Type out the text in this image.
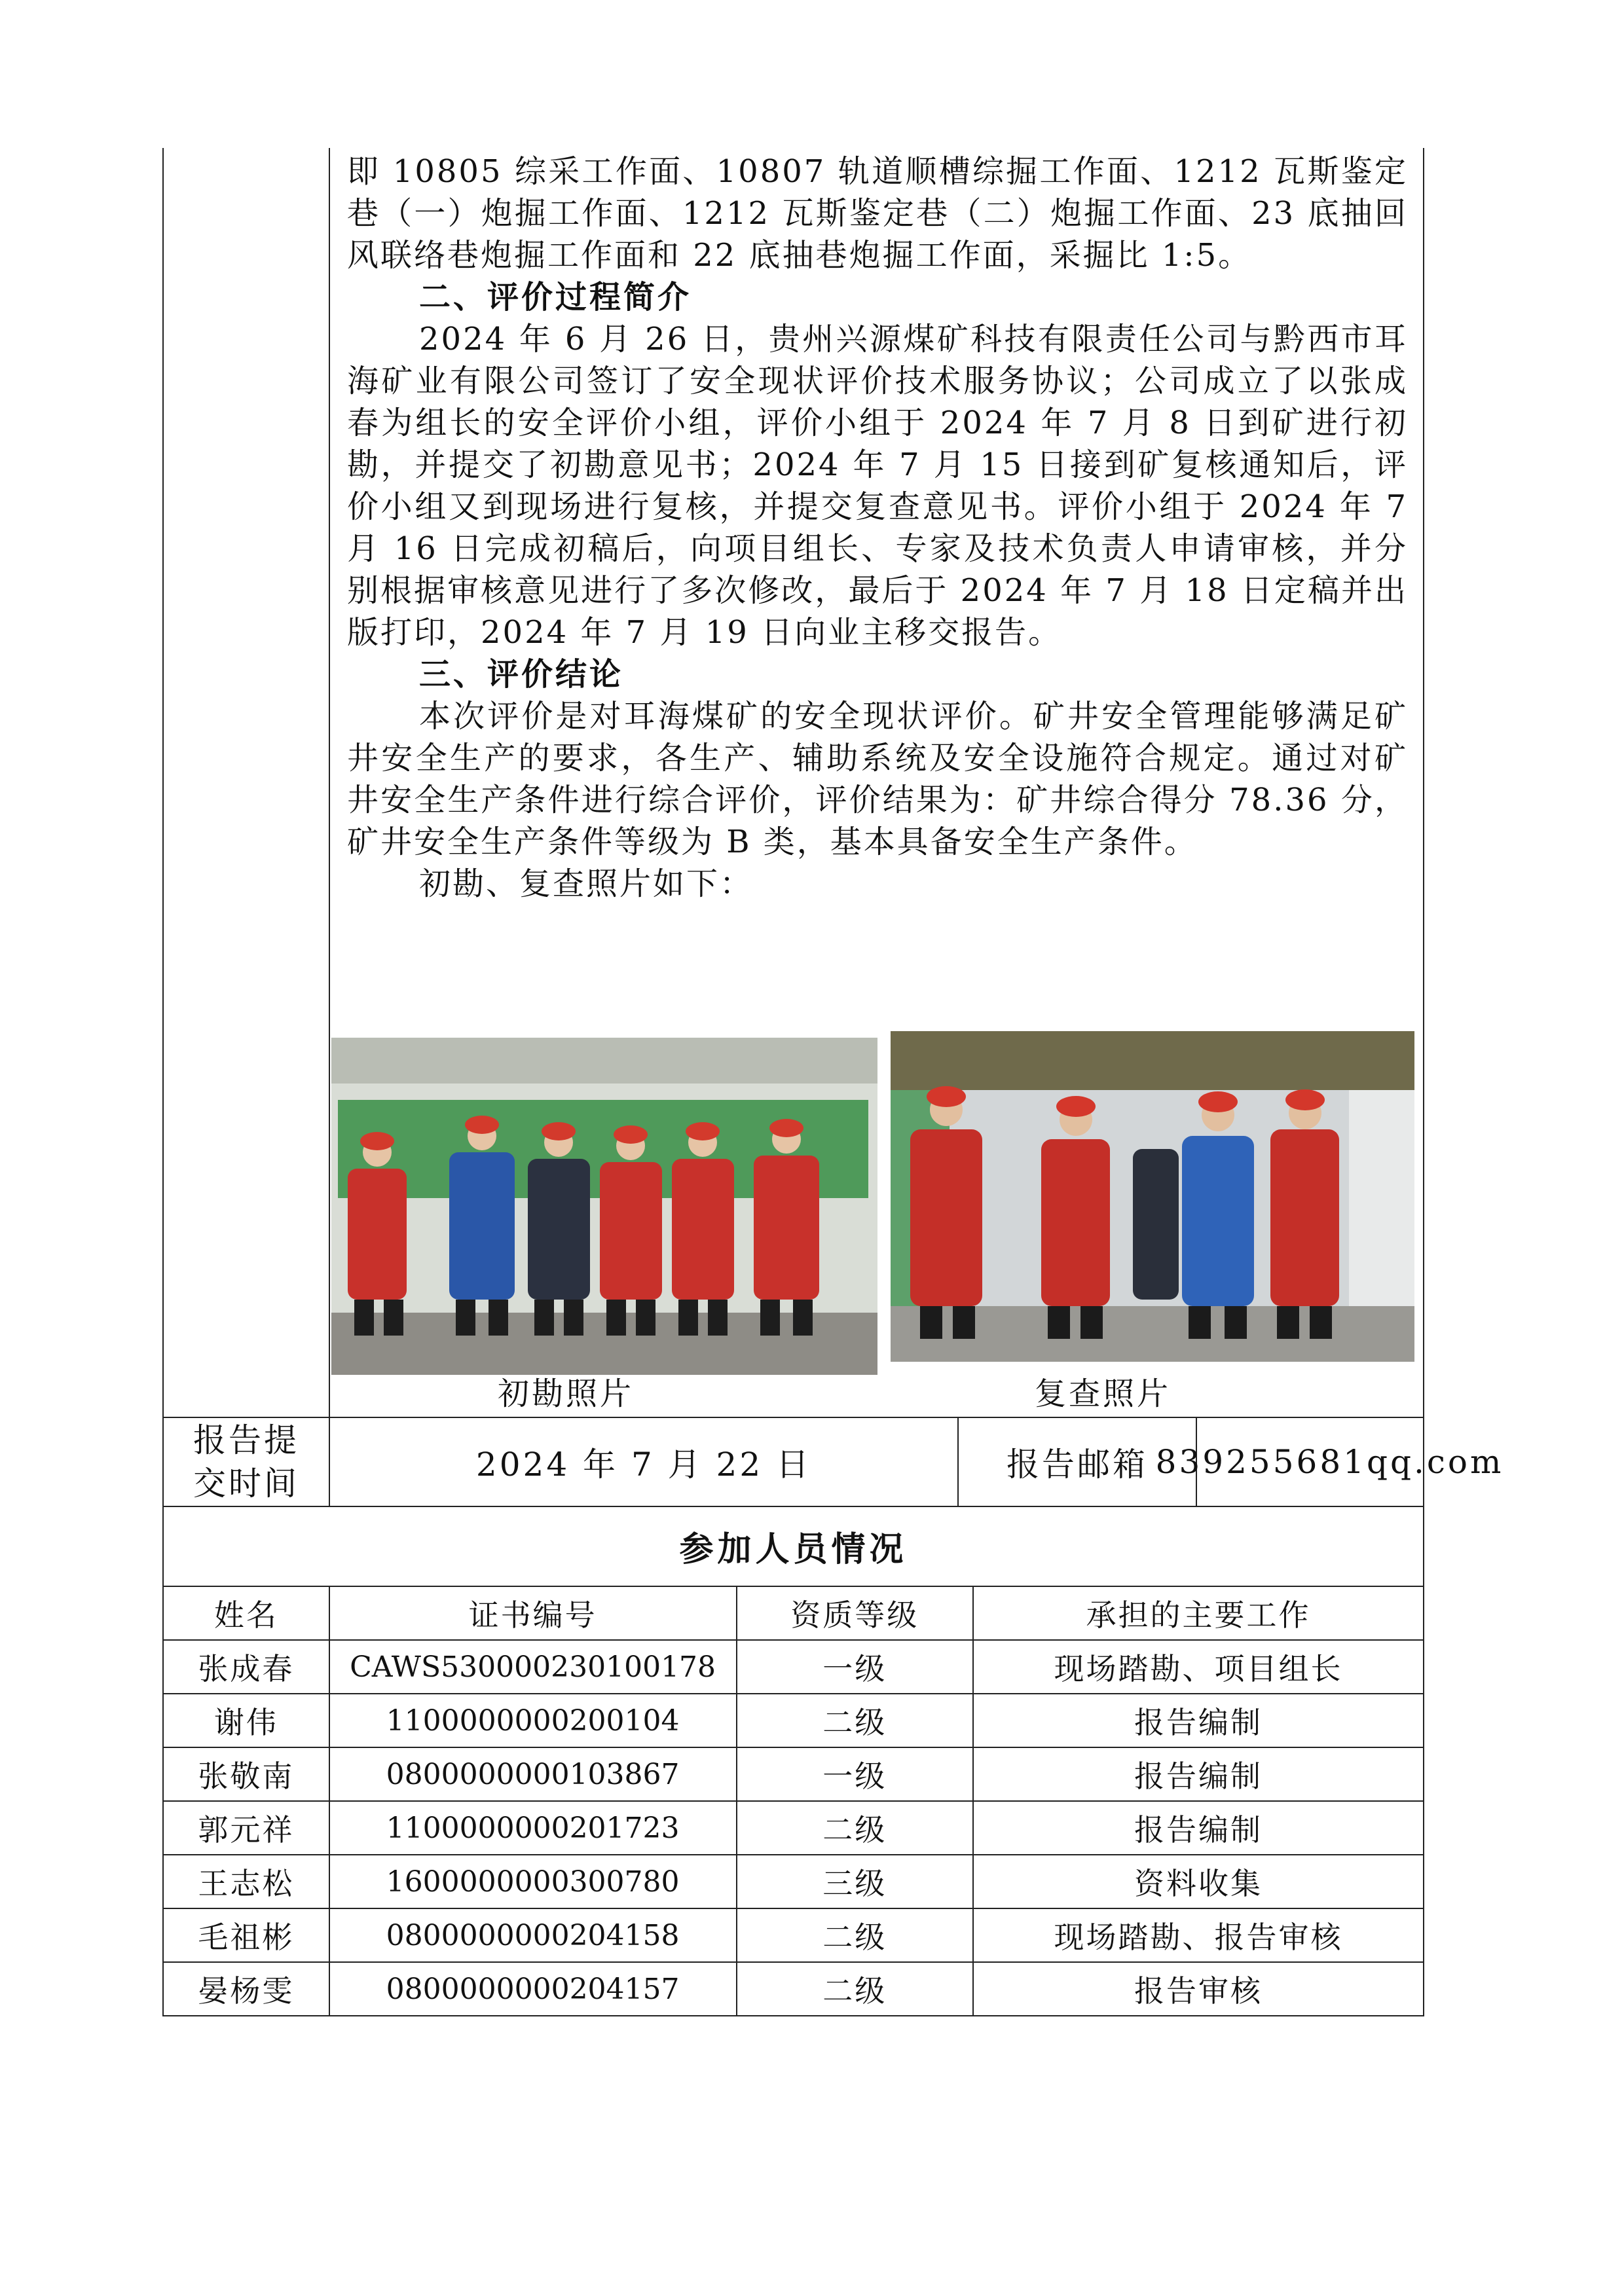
即 10805 综采工作面、10807 轨道顺槽综掘工作面、1212 瓦斯鉴定巷（一）炮掘工作面、1212 瓦斯鉴定巷（二）炮掘工作面、23 底抽回风联络巷炮掘工作面和 22 底抽巷炮掘工作面，采掘比 1:5。

二、评价过程简介

2024 年 6 月 26 日，贵州兴源煤矿科技有限责任公司与黔西市耳海矿业有限公司签订了安全现状评价技术服务协议；公司成立了以张成春为组长的安全评价小组，评价小组于 2024 年 7 月 8 日到矿进行初勘，并提交了初勘意见书；2024 年 7 月 15 日接到矿复核通知后，评价小组又到现场进行复核，并提交复查意见书。评价小组于 2024 年 7 月 16 日完成初稿后，向项目组长、专家及技术负责人申请审核，并分别根据审核意见进行了多次修改，最后于 2024 年 7 月 18 日定稿并出版打印，2024 年 7 月 19 日向业主移交报告。

三、评价结论

本次评价是对耳海煤矿的安全现状评价。矿井安全管理能够满足矿井安全生产的要求，各生产、辅助系统及安全设施符合规定。通过对矿井安全生产条件进行综合评价，评价结果为：矿井综合得分 78.36 分，矿井安全生产条件等级为 B 类，基本具备安全生产条件。

初勘、复查照片如下：

初勘照片	复查照片
报告提
交时间	2024 年 7 月 22 日	报告邮箱 839255681qq.com
参加人员情况
姓名	证书编号	资质等级	承担的主要工作
张成春	CAWS530000230100178	一级	现场踏勘、项目组长
谢伟	1100000000200104	二级	报告编制
张敬南	0800000000103867	一级	报告编制
郭元祥	1100000000201723	二级	报告编制
王志松	1600000000300780	三级	资料收集
毛祖彬	0800000000204158	二级	现场踏勘、报告审核
晏杨雯	0800000000204157	二级	报告审核
